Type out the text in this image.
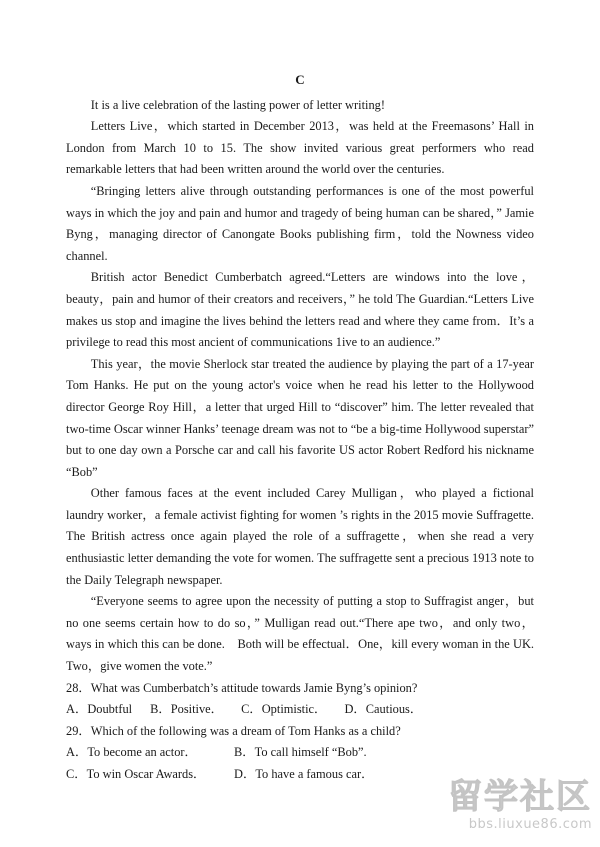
C

It is a live celebration of the lasting power of letter writing!

Letters Live，which started in December 2013，was held at the Freemasons’ Hall in London from March 10 to 15. The show invited various great performers who read remarkable letters that had been written around the world over the centuries.

“Bringing letters alive through outstanding performances is one of the most powerful ways in which the joy and pain and humor and tragedy of being human can be shared，” Jamie Byng，managing director of Canongate Books publishing firm，told the Nowness video channel.

British actor Benedict Cumberbatch agreed.“Letters are windows into the love，beauty，pain and humor of their creators and receivers，” he told The Guardian.“Letters Live makes us stop and imagine the lives behind the letters read and where they came from．It’s a privilege to read this most ancient of communications 1ive to an audience.”

This year，the movie Sherlock star treated the audience by playing the part of a 17-year Tom Hanks. He put on the young actor's voice when he read his letter to the Hollywood director George Roy Hill，a letter that urged Hill to “discover” him. The letter revealed that two-time Oscar winner Hanks’ teenage dream was not to “be a big-time Hollywood superstar” but to one day own a Porsche car and call his favorite US actor Robert Redford his nickname “Bob”

Other famous faces at the event included Carey Mulligan，who played a fictional laundry worker，a female activist fighting for women ’s rights in the 2015 movie Suffragette. The British actress once again played the role of a suffragette，when she read a very enthusiastic letter demanding the vote for women. The suffragette sent a precious 1913 note to the Daily Telegraph newspaper.

“Everyone seems to agree upon the necessity of putting a stop to Suffragist anger，but no one seems certain how to do so，” Mulligan read out.“There ape two，and only two，ways in which this can be done.　Both will be effectual．One，kill every woman in the UK.　Two，give women the vote.”

28．What was Cumberbatch’s attitude towards Jamie Byng’s opinion?

A．Doubtful B．Positive． C．Optimistic． D．Cautious．

29．Which of the following was a dream of Tom Hanks as a child?

A．To become an actor．	B．To call himself “Bob”.
C．To win Oscar Awards．	D．To have a famous car．
留学社区
bbs.liuxue86.com
